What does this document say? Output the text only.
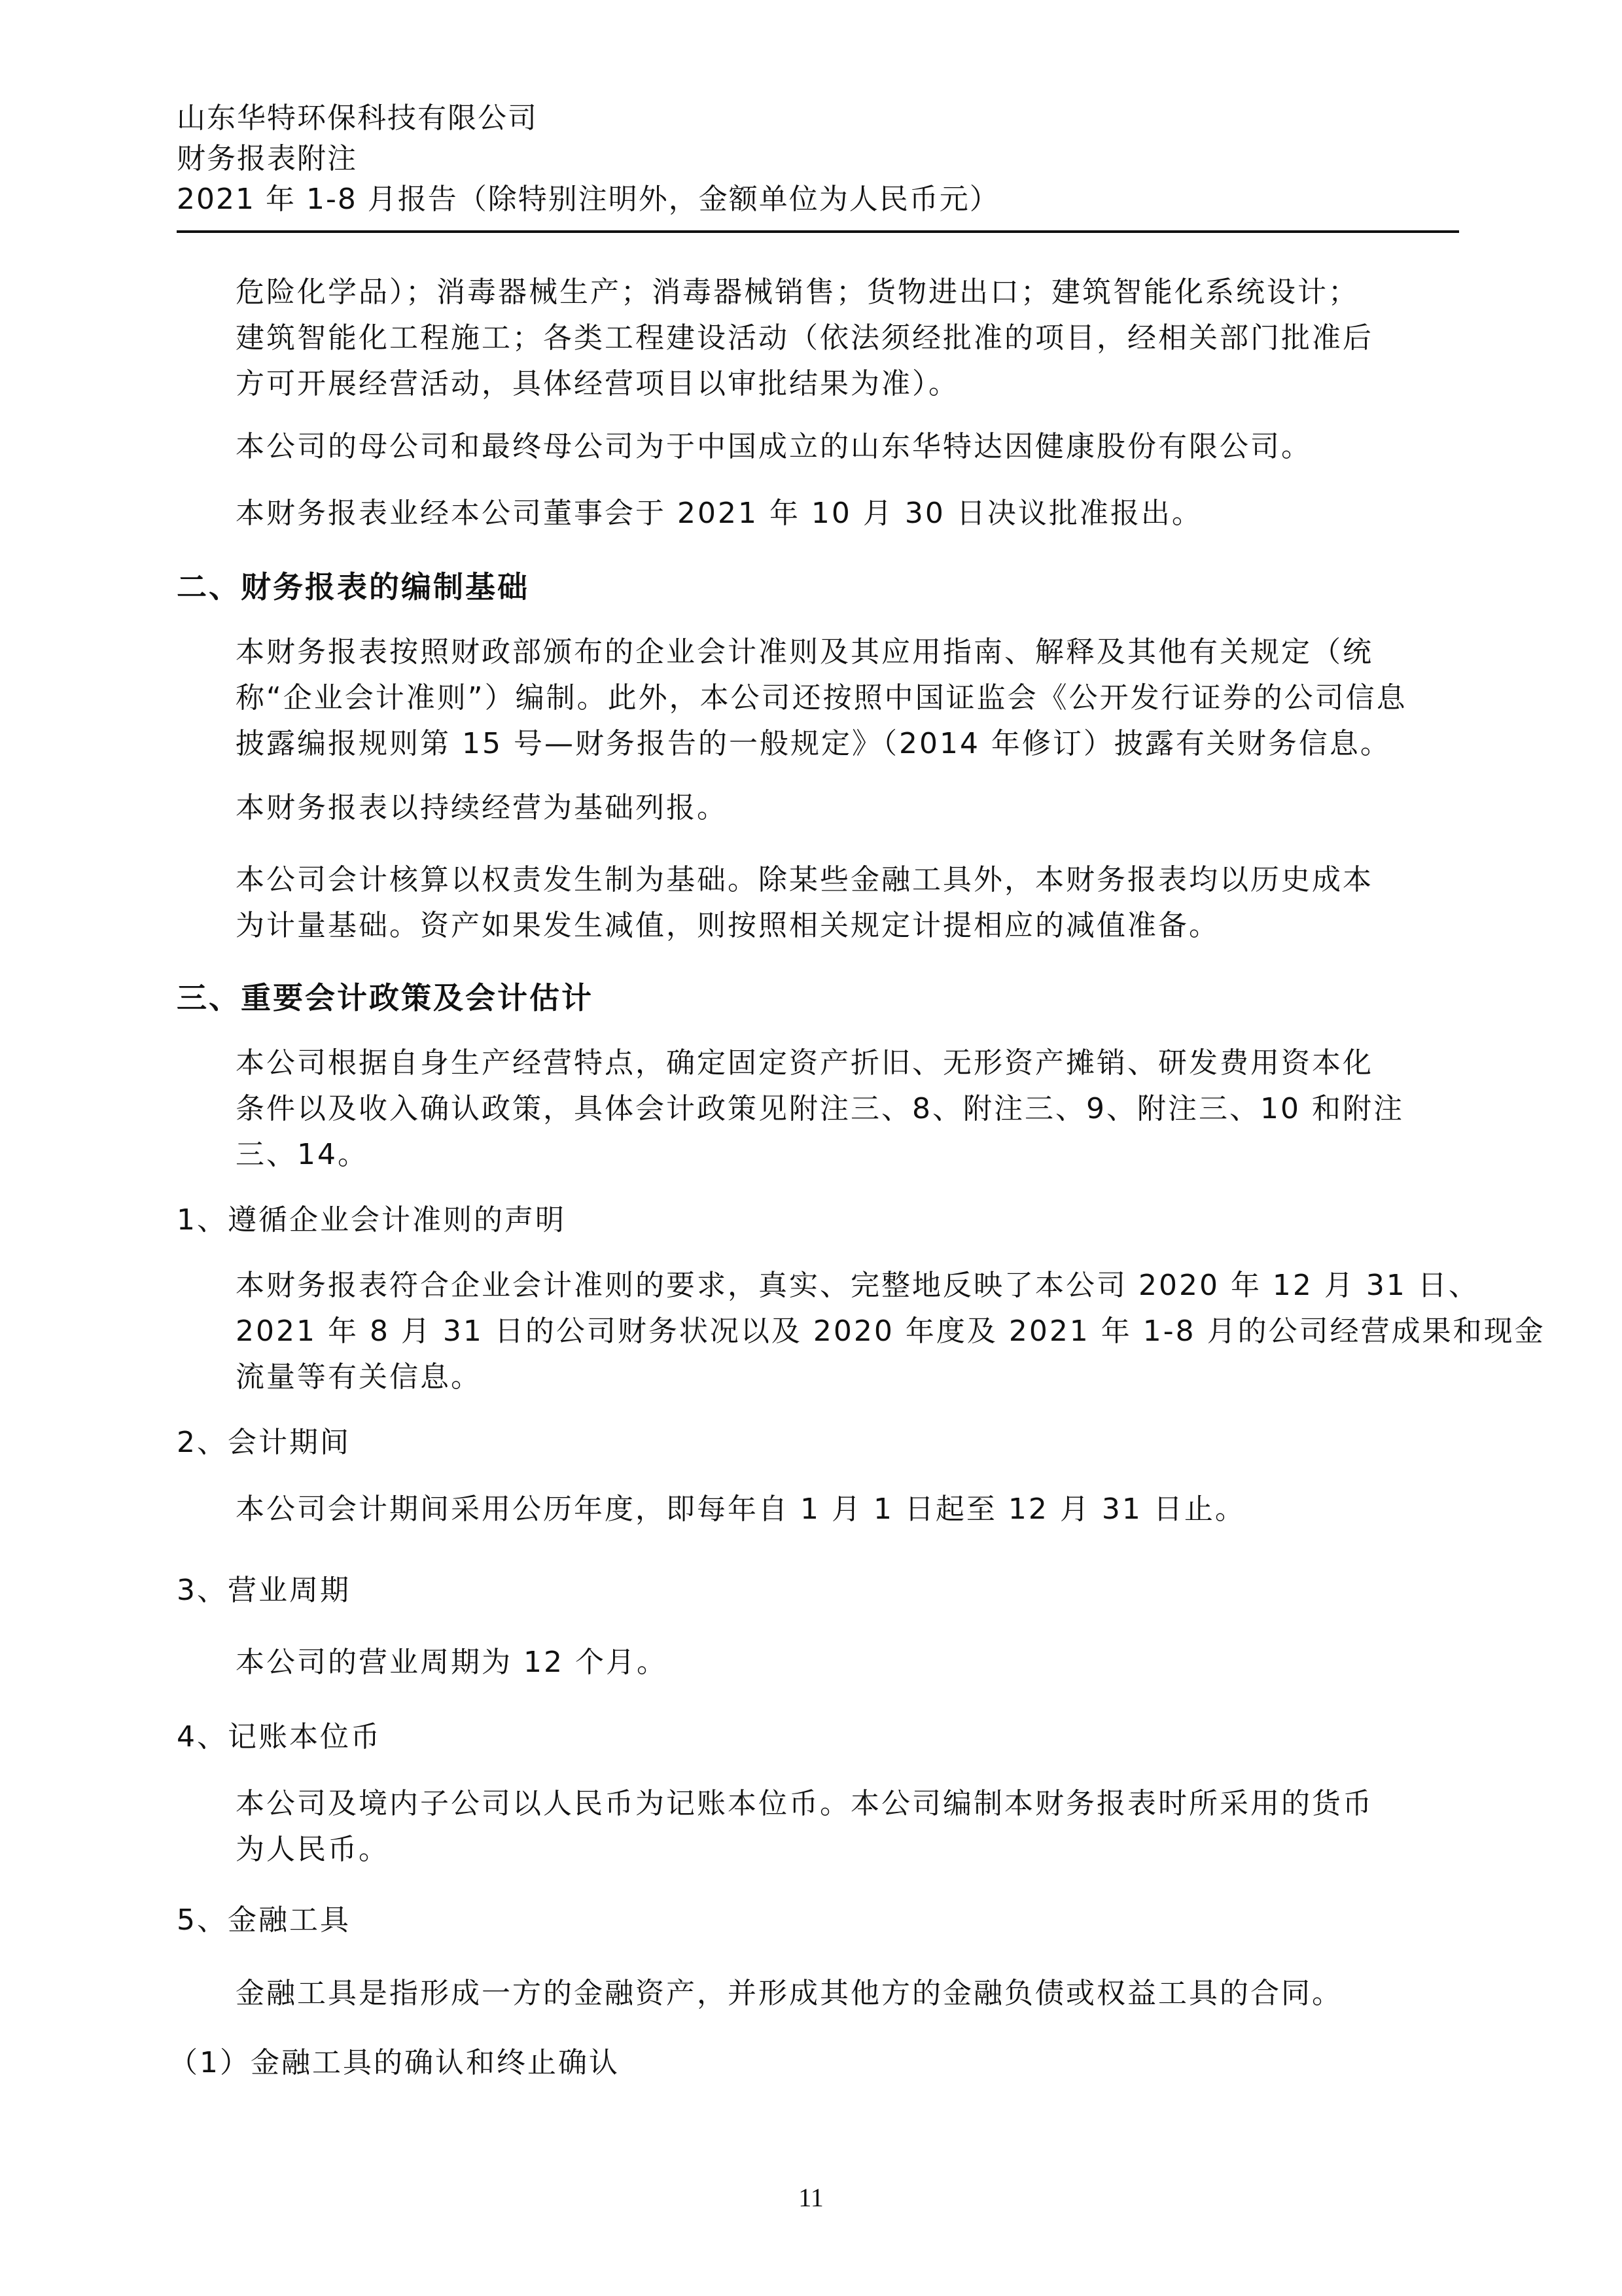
山东华特环保科技有限公司
财务报表附注
2021 年 1-8 月报告（除特别注明外，金额单位为人民币元）
危险化学品）；消毒器械生产；消毒器械销售；货物进出口；建筑智能化系统设计；
建筑智能化工程施工；各类工程建设活动（依法须经批准的项目，经相关部门批准后
方可开展经营活动，具体经营项目以审批结果为准）。
本公司的母公司和最终母公司为于中国成立的山东华特达因健康股份有限公司。
本财务报表业经本公司董事会于 2021 年 10 月 30 日决议批准报出。
二、财务报表的编制基础
本财务报表按照财政部颁布的企业会计准则及其应用指南、解释及其他有关规定（统
称“企业会计准则”）编制。此外，本公司还按照中国证监会《公开发行证券的公司信息
披露编报规则第 15 号—财务报告的一般规定》（2014 年修订）披露有关财务信息。
本财务报表以持续经营为基础列报。
本公司会计核算以权责发生制为基础。除某些金融工具外，本财务报表均以历史成本
为计量基础。资产如果发生减值，则按照相关规定计提相应的减值准备。
三、重要会计政策及会计估计
本公司根据自身生产经营特点，确定固定资产折旧、无形资产摊销、研发费用资本化
条件以及收入确认政策，具体会计政策见附注三、8、附注三、9、附注三、10 和附注
三、14。
1、遵循企业会计准则的声明
本财务报表符合企业会计准则的要求，真实、完整地反映了本公司 2020 年 12 月 31 日、
2021 年 8 月 31 日的公司财务状况以及 2020 年度及 2021 年 1-8 月的公司经营成果和现金
流量等有关信息。
2、会计期间
本公司会计期间采用公历年度，即每年自 1 月 1 日起至 12 月 31 日止。
3、营业周期
本公司的营业周期为 12 个月。
4、记账本位币
本公司及境内子公司以人民币为记账本位币。本公司编制本财务报表时所采用的货币
为人民币。
5、金融工具
金融工具是指形成一方的金融资产，并形成其他方的金融负债或权益工具的合同。
（1）金融工具的确认和终止确认
11
